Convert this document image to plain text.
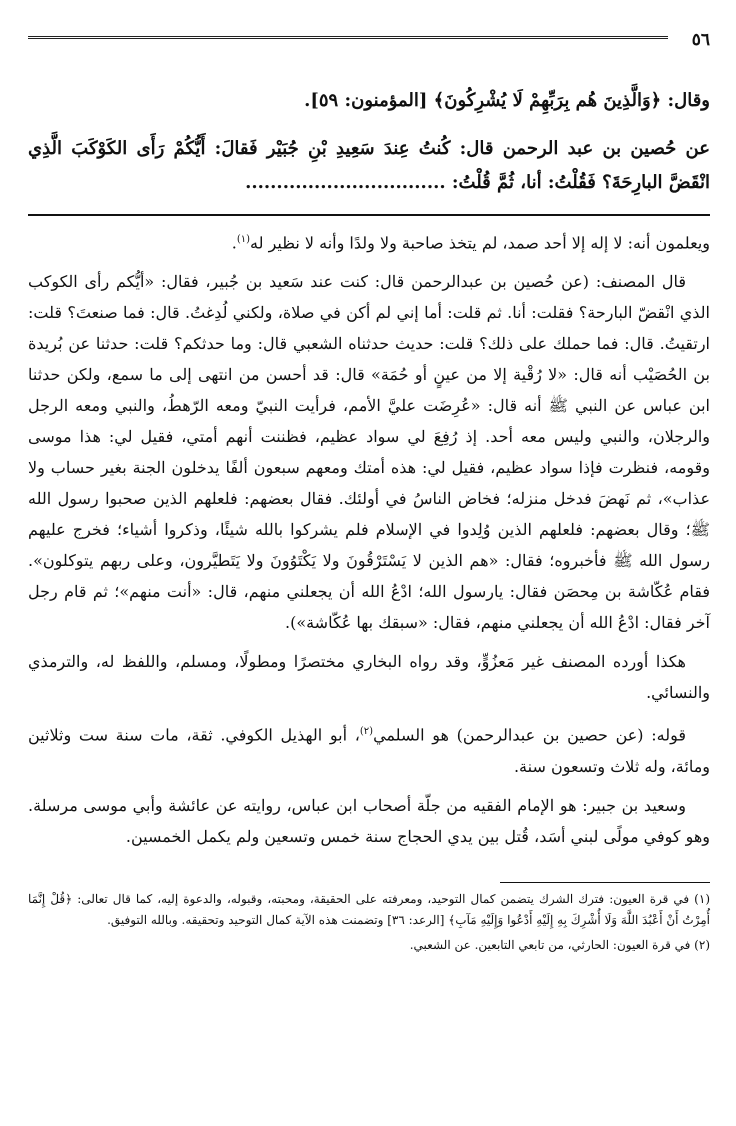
٥٦

وقال: ﴿وَالَّذِينَ هُم بِرَبِّهِمْ لَا يُشْرِكُونَ﴾ [المؤمنون: ٥٩].

عن حُصين بن عبد الرحمن قال: كُنتُ عِندَ سَعِيدِ بْنِ جُبَيْر فَقالَ: أَيُّكُمْ رَأَى الكَوْكَبَ الَّذِي انْقَضَّ البارِحَةَ؟ فَقُلْتُ: أنا، ثُمَّ قُلْتُ: ................................

ويعلمون أنه: لا إله إلا أحد صمد، لم يتخذ صاحبة ولا ولدًا وأنه لا نظير له$^{(١)}$.

قال المصنف: (عن حُصين بن عبدالرحمن قال: كنت عند سَعيد بن جُبير، فقال: «أيُّكم رأى الكوكب الذي انْقضّ البارحة؟ فقلت: أنا. ثم قلت: أما إني لم أكن في صلاة، ولكني لُدِغتُ. قال: فما صنعتَ؟ قلت: ارتقيتُ. قال: فما حملك على ذلك؟ قلت: حديث حدثناه الشعبي قال: وما حدثكم؟ قلت: حدثنا عن بُريدة بن الحُصَيْب أنه قال: «لا رُقْية إلا من عينٍ أو حُمَة» قال: قد أحسن من انتهى إلى ما سمع، ولكن حدثنا ابن عباس عن النبي ﷺ أنه قال: «عُرِضَت عليَّ الأمم، فرأيت النبيّ ومعه الرّهطُ، والنبي ومعه الرجل والرجلان، والنبي وليس معه أحد. إذ رُفِعَ لي سواد عظيم، فظننت أنهم أمتي، فقيل لي: هذا موسى وقومه، فنظرت فإذا سواد عظيم، فقيل لي: هذه أمتك ومعهم سبعون ألفًا يدخلون الجنة بغير حساب ولا عذاب»، ثم نَهضَ فدخل منزله؛ فخاض الناسُ في أولئك. فقال بعضهم: فلعلهم الذين صحبوا رسول الله ﷺ؛ وقال بعضهم: فلعلهم الذين وُلِدوا في الإسلام فلم يشركوا بالله شيئًا، وذكروا أشياء؛ فخرج عليهم رسول الله ﷺ فأخبروه؛ فقال: «هم الذين لا يَسْتَرْقُونَ ولا يَكْتَوُونَ ولا يَتَطيَّرون، وعلى ربهم يتوكلون». فقام عُكّاشة بن مِحصَن فقال: يارسول الله؛ ادْعُ الله أن يجعلني منهم، قال: «أنت منهم»؛ ثم قام رجل آخر فقال: ادْعُ الله أن يجعلني منهم، فقال: «سبقك بها عُكّاشة»).

هكذا أورده المصنف غير مَعزُوٍّ، وقد رواه البخاري مختصرًا ومطولًا، ومسلم، واللفظ له، والترمذي والنسائي.

قوله: (عن حصين بن عبدالرحمن) هو السلمي$^{(٢)}$، أبو الهذيل الكوفي. ثقة، مات سنة ست وثلاثين ومائة، وله ثلاث وتسعون سنة.

وسعيد بن جبير: هو الإمام الفقيه من جلّة أصحاب ابن عباس، روايته عن عائشة وأبي موسى مرسلة. وهو كوفي مولًى لبني أسَد، قُتل بين يدي الحجاج سنة خمس وتسعين ولم يكمل الخمسين.

(١) في قرة العيون: فترك الشرك يتضمن كمال التوحيد، ومعرفته على الحقيقة، ومحبته، وقبوله، والدعوة إليه، كما قال تعالى: ﴿قُلْ إِنَّمَا أُمِرْتُ أَنْ أَعْبُدَ اللَّهَ وَلَا أُشْرِكَ بِهِ إِلَيْهِ أَدْعُوا وَإِلَيْهِ مَآبِ﴾ [الرعد: ٣٦] وتضمنت هذه الآية كمال التوحيد وتحقيقه. وبالله التوفيق.

(٢) في قرة العيون: الحارثي، من تابعي التابعين. عن الشعبي.
